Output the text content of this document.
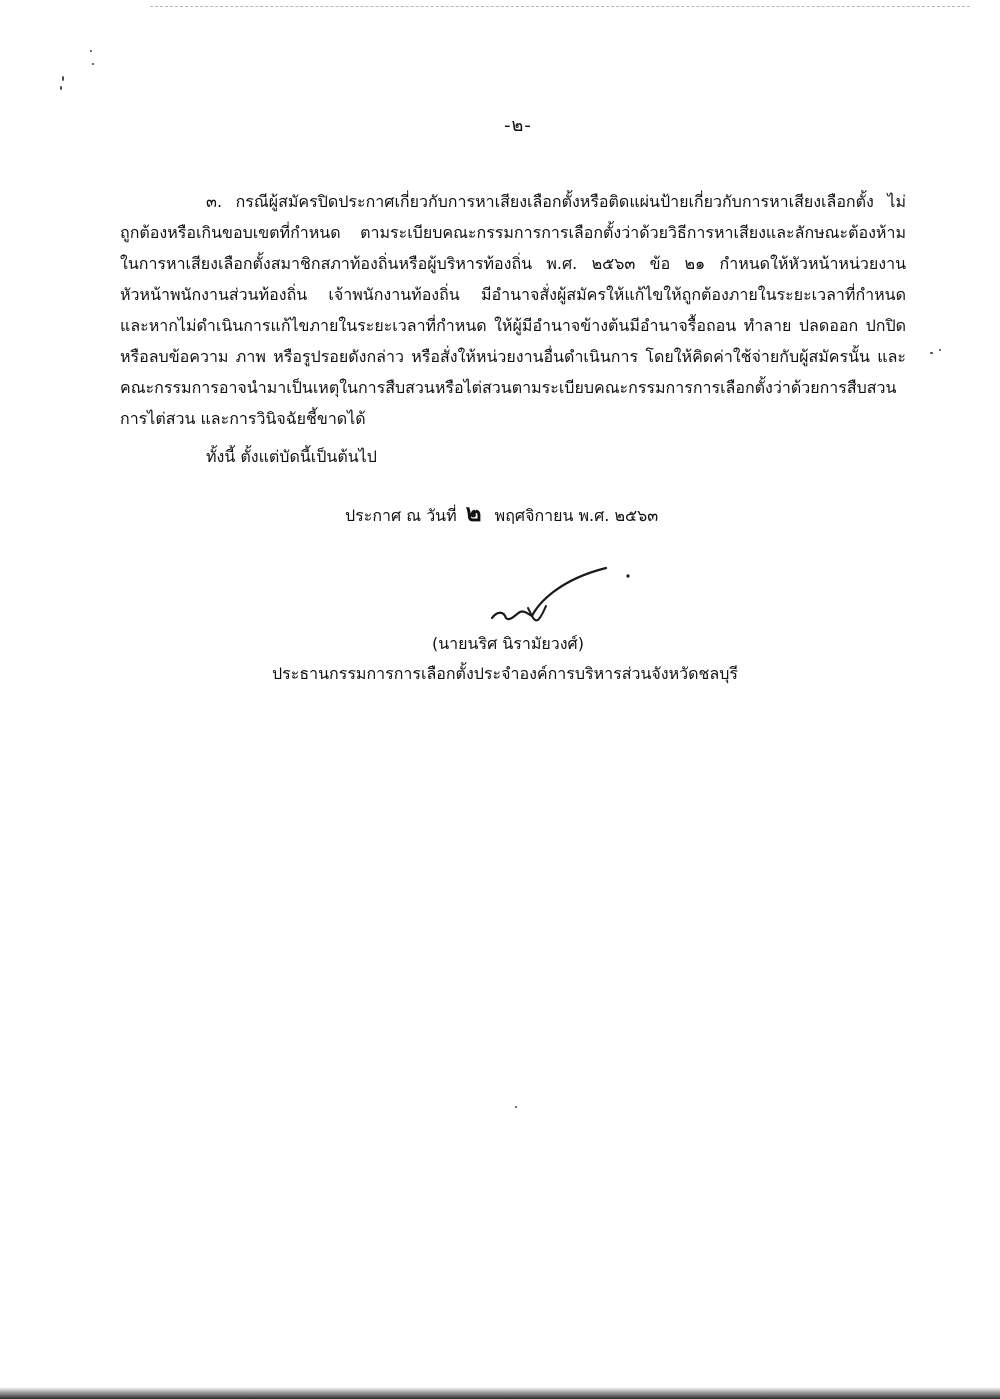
-๒-

๓. กรณีผู้สมัครปิดประกาศเกี่ยวกับการหาเสียงเลือกตั้งหรือติดแผ่นป้ายเกี่ยวกับการหาเสียงเลือกตั้ง ไม่ถูกต้องหรือเกินขอบเขตที่กำหนด ตามระเบียบคณะกรรมการการเลือกตั้งว่าด้วยวิธีการหาเสียงและลักษณะต้องห้ามในการหาเสียงเลือกตั้งสมาชิกสภาท้องถิ่นหรือผู้บริหารท้องถิ่น พ.ศ. ๒๕๖๓ ข้อ ๒๑ กำหนดให้หัวหน้าหน่วยงาน หัวหน้าพนักงานส่วนท้องถิ่น เจ้าพนักงานท้องถิ่น มีอำนาจสั่งผู้สมัครให้แก้ไขให้ถูกต้องภายในระยะเวลาที่กำหนด และหากไม่ดำเนินการแก้ไขภายในระยะเวลาที่กำหนด ให้ผู้มีอำนาจข้างต้นมีอำนาจรื้อถอน ทำลาย ปลดออก ปกปิด หรือลบข้อความ ภาพ หรือรูปรอยดังกล่าว หรือสั่งให้หน่วยงานอื่นดำเนินการ โดยให้คิดค่าใช้จ่ายกับผู้สมัครนั้น และคณะกรรมการอาจนำมาเป็นเหตุในการสืบสวนหรือไต่สวนตามระเบียบคณะกรรมการการเลือกตั้งว่าด้วยการสืบสวน การไต่สวน และการวินิจฉัยชี้ขาดได้

ทั้งนี้ ตั้งแต่บัดนี้เป็นต้นไป
ประกาศ ณ วันที่ ๒ พฤศจิกายน พ.ศ. ๒๕๖๓
(นายนริศ นิรามัยวงศ์)
ประธานกรรมการการเลือกตั้งประจำองค์การบริหารส่วนจังหวัดชลบุรี
